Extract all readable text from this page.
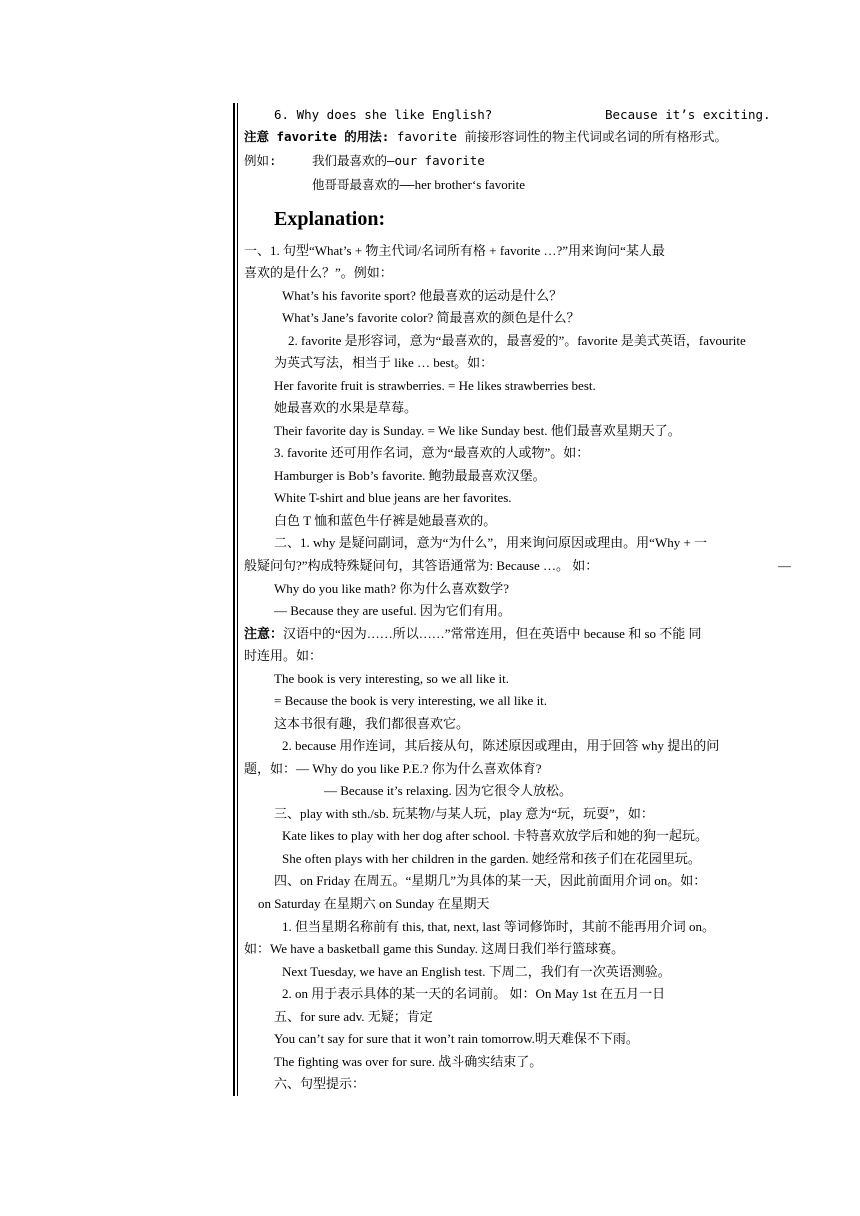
6. Why does she like English?	Because it’s exciting.
注意 favorite 的用法: favorite 前接形容词性的物主代词或名词的所有格形式。
例如:	我们最喜欢的—our favorite
他哥哥最喜欢的——her brother‘s favorite
Explanation:
一、1. 句型“What’s + 物主代词/名词所有格 + favorite …?”用来询问“某人最
喜欢的是什么？”。例如：
What’s his favorite sport? 他最喜欢的运动是什么？
What’s Jane’s favorite color? 简最喜欢的颜色是什么？
2. favorite 是形容词，意为“最喜欢的，最喜爱的”。favorite 是美式英语，favourite
为英式写法，相当于 like … best。如：
Her favorite fruit is strawberries. = He likes strawberries best.
她最喜欢的水果是草莓。
Their favorite day is Sunday. = We like Sunday best. 他们最喜欢星期天了。
3. favorite 还可用作名词，意为“最喜欢的人或物”。如：
Hamburger is Bob’s favorite. 鲍勃最最喜欢汉堡。
White T-shirt and blue jeans are her favorites.
白色 T 恤和蓝色牛仔裤是她最喜欢的。
二、1. why 是疑问副词，意为“为什么”，用来询问原因或理由。用“Why + 一
般疑问句?”构成特殊疑问句，其答语通常为: Because …。 如：	—
Why do you like math? 你为什么喜欢数学?
— Because they are useful. 因为它们有用。
注意：汉语中的“因为……所以……”常常连用，但在英语中 because 和 so 不能 同
时连用。如：
The book is very interesting, so we all like it.
= Because the book is very interesting, we all like it.
这本书很有趣，我们都很喜欢它。
2. because 用作连词，其后接从句，陈述原因或理由，用于回答 why 提出的问
题，如：— Why do you like P.E.? 你为什么喜欢体育?
— Because it’s relaxing. 因为它很令人放松。
三、play with sth./sb. 玩某物/与某人玩，play 意为“玩，玩耍”，如：
Kate likes to play with her dog after school. 卡特喜欢放学后和她的狗一起玩。
She often plays with her children in the garden. 她经常和孩子们在花园里玩。
四、on Friday 在周五。“星期几”为具体的某一天，因此前面用介词 on。如：
on Saturday 在星期六 on Sunday 在星期天
1. 但当星期名称前有 this, that, next, last 等词修饰时，其前不能再用介词 on。
如：We have a basketball game this Sunday. 这周日我们举行篮球赛。
Next Tuesday, we have an English test. 下周二，我们有一次英语测验。
2. on 用于表示具体的某一天的名词前。 如：On May 1st 在五月一日
五、for sure adv. 无疑；肯定
You can’t say for sure that it won’t rain tomorrow.明天难保不下雨。
The fighting was over for sure. 战斗确实结束了。
六、句型提示：
